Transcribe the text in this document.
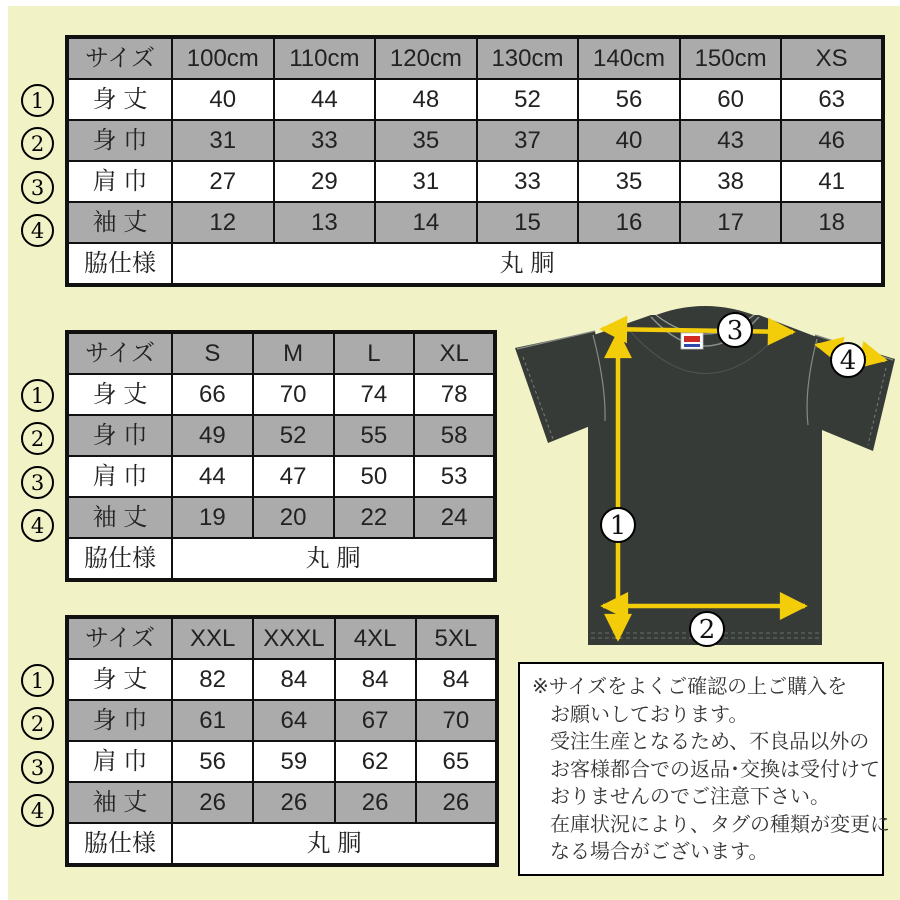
サイズ	100cm	110cm	120cm	130cm	140cm	150cm	XS
身 丈	40	44	48	52	56	60	63
身 巾	31	33	35	37	40	43	46
肩 巾	27	29	31	33	35	38	41
袖 丈	12	13	14	15	16	17	18
脇仕様	丸 胴						
1
2
3
4
サイズ	S	M	L	XL
身 丈	66	70	74	78
身 巾	49	52	55	58
肩 巾	44	47	50	53
袖 丈	19	20	22	24
脇仕様	丸 胴			
1
2
3
4
サイズ	XXL	XXXL	4XL	5XL
身 丈	82	84	84	84
身 巾	61	64	67	70
肩 巾	56	59	62	65
袖 丈	26	26	26	26
脇仕様	丸 胴			
1
2
3
4
3
4
1
2
※サイズをよくご確認の上ご購入を
お願いしております。
受注生産となるため、不良品以外の
お客様都合での返品･交換は受付けて
おりませんのでご注意下さい。
在庫状況により、タグの種類が変更に
なる場合がございます。
